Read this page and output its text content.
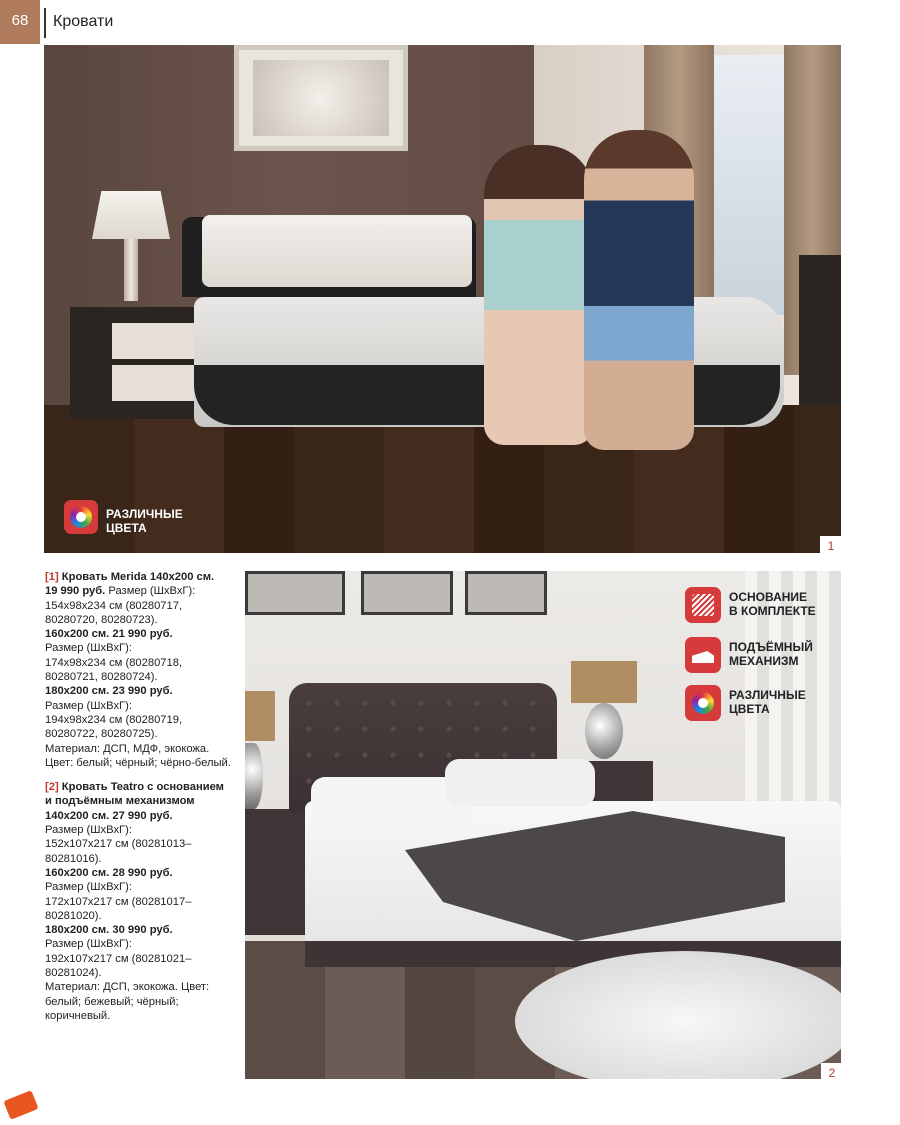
68	Кровати
РАЗЛИЧНЫЕ
ЦВЕТА
1

[1] Кровать Merida 140х200 см.
19 990 руб. Размер (ШхВхГ): 154х98х234 см (80280717, 80280720, 80280723).
160х200 см. 21 990 руб.
Размер (ШхВхГ):
174х98х234 см (80280718, 80280721, 80280724).
180х200 см. 23 990 руб.
Размер (ШхВхГ):
194х98х234 см (80280719, 80280722, 80280725).
Материал: ДСП, МДФ, экокожа.
Цвет: белый; чёрный; чёрно-белый.

[2] Кровать Teatro с основанием и подъёмным механизмом 140х200 см. 27 990 руб.
Размер (ШхВхГ):
152х107х217 см (80281013–80281016).
160х200 см. 28 990 руб.
Размер (ШхВхГ):
172х107х217 см (80281017–80281020).
180х200 см. 30 990 руб.
Размер (ШхВхГ):
192х107х217 см (80281021–80281024).
Материал: ДСП, экокожа. Цвет: белый; бежевый; чёрный; коричневый.

ОСНОВАНИЕ
В КОМПЛЕКТЕ
ПОДЪЁМНЫЙ
МЕХАНИЗМ
РАЗЛИЧНЫЕ
ЦВЕТА
2
